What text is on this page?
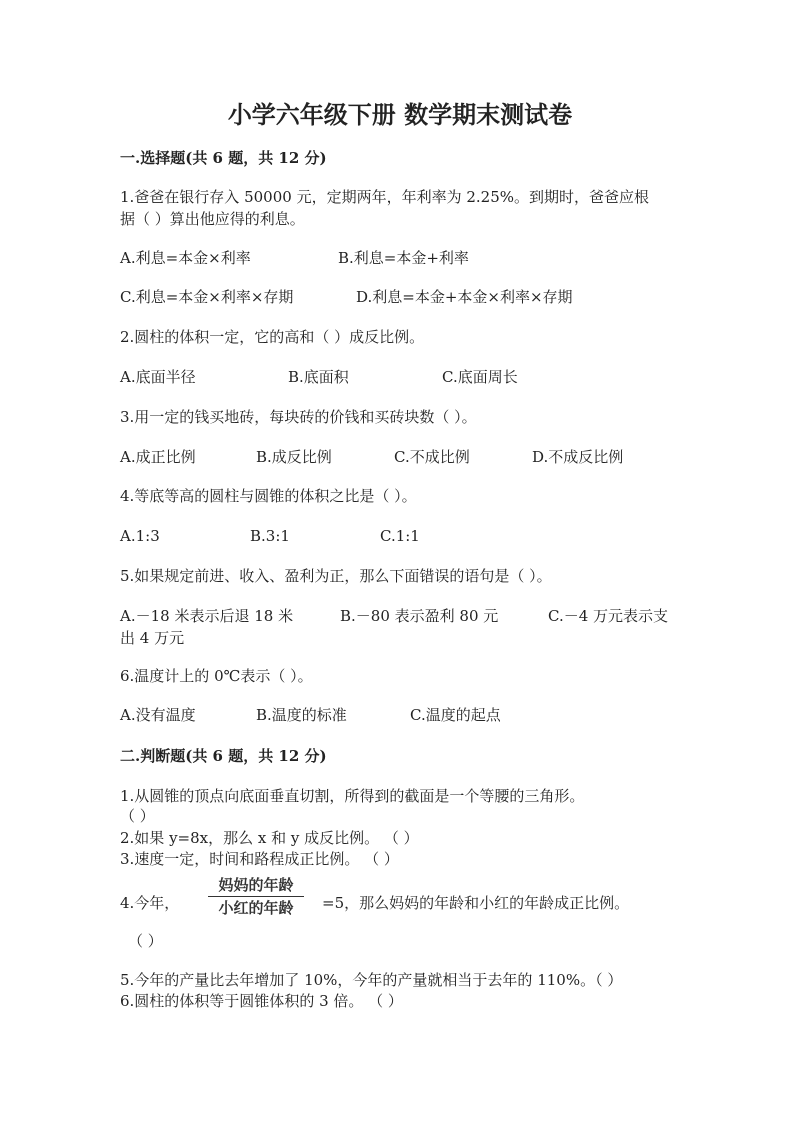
小学六年级下册 数学期末测试卷
一.选择题(共 6 题，共 12 分)
1.爸爸在银行存入 50000 元，定期两年，年利率为 2.25%。到期时，爸爸应根
据（ ）算出他应得的利息。
A.利息=本金×利率	B.利息=本金+利率
C.利息=本金×利率×存期	D.利息=本金+本金×利率×存期
2.圆柱的体积一定，它的高和（ ）成反比例。
A.底面半径	B.底面积	C.底面周长
3.用一定的钱买地砖，每块砖的价钱和买砖块数（ ）。
A.成正比例	B.成反比例	C.不成比例	D.不成反比例
4.等底等高的圆柱与圆锥的体积之比是（ ）。
A.1:3	B.3:1	C.1:1
5.如果规定前进、收入、盈利为正，那么下面错误的语句是（ ）。
A.－18 米表示后退 18 米	B.－80 表示盈利 80 元	C.－4 万元表示支
出 4 万元
6.温度计上的 0℃表示（ ）。
A.没有温度	B.温度的标准	C.温度的起点
二.判断题(共 6 题，共 12 分)
1.从圆锥的顶点向底面垂直切割，所得到的截面是一个等腰的三角形。
（ ）
2.如果 y=8x，那么 x 和 y 成反比例。 （ ）
3.速度一定，时间和路程成正比例。 （ ）
4.今年，
妈妈的年龄
小红的年龄	=5，那么妈妈的年龄和小红的年龄成正比例。
（ ）
5.今年的产量比去年增加了 10%，今年的产量就相当于去年的 110%。（ ）
6.圆柱的体积等于圆锥体积的 3 倍。 （ ）
